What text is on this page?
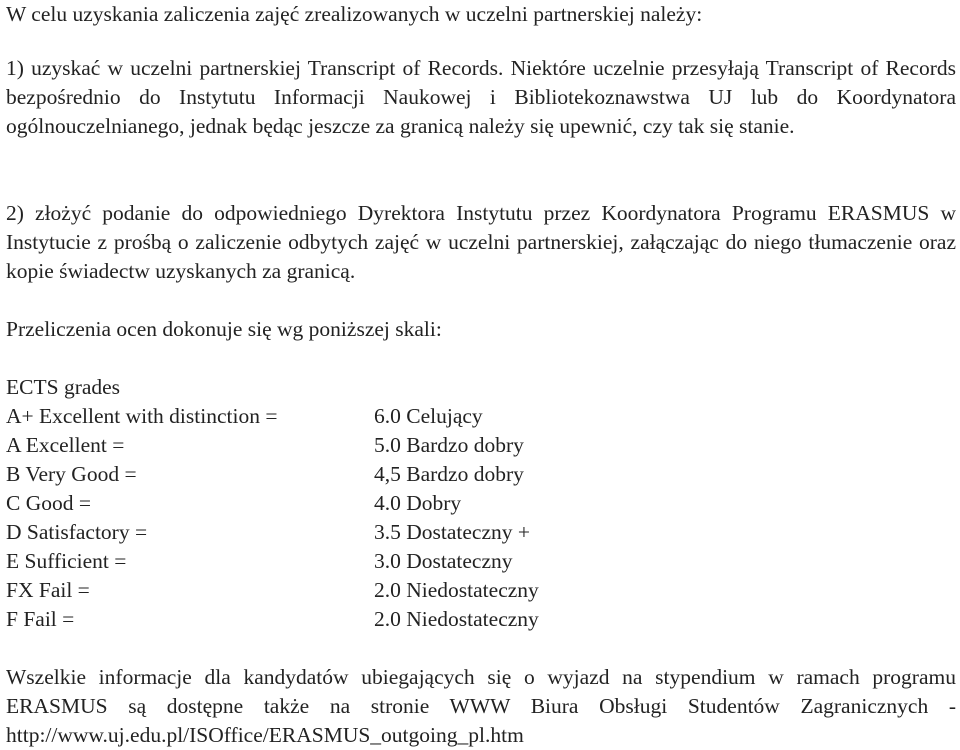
W celu uzyskania zaliczenia zajęć zrealizowanych w uczelni partnerskiej należy:

1) uzyskać w uczelni partnerskiej Transcript of Records. Niektóre uczelnie przesyłają Transcript of Records bezpośrednio do Instytutu Informacji Naukowej i Bibliotekoznawstwa UJ lub do Koordynatora ogólnouczelnianego, jednak będąc jeszcze za granicą należy się upewnić, czy tak się stanie.

2) złożyć podanie do odpowiedniego Dyrektora Instytutu przez Koordynatora Programu ERASMUS w Instytucie z prośbą o zaliczenie odbytych zajęć w uczelni partnerskiej, załączając do niego tłumaczenie oraz kopie świadectw uzyskanych za granicą.

Przeliczenia ocen dokonuje się wg poniższej skali:

ECTS grades
A+ Excellent with distinction =	6.0 Celujący
A Excellent =	5.0 Bardzo dobry
B Very Good =	4,5 Bardzo dobry
C Good =	4.0 Dobry
D Satisfactory =	3.5 Dostateczny +
E Sufficient =	3.0 Dostateczny
FX Fail =	2.0 Niedostateczny
F Fail =	2.0 Niedostateczny

Wszelkie informacje dla kandydatów ubiegających się o wyjazd na stypendium w ramach programu ERASMUS są dostępne także na stronie WWW Biura Obsługi Studentów Zagranicznych - http://www.uj.edu.pl/ISOffice/ERASMUS_outgoing_pl.htm
